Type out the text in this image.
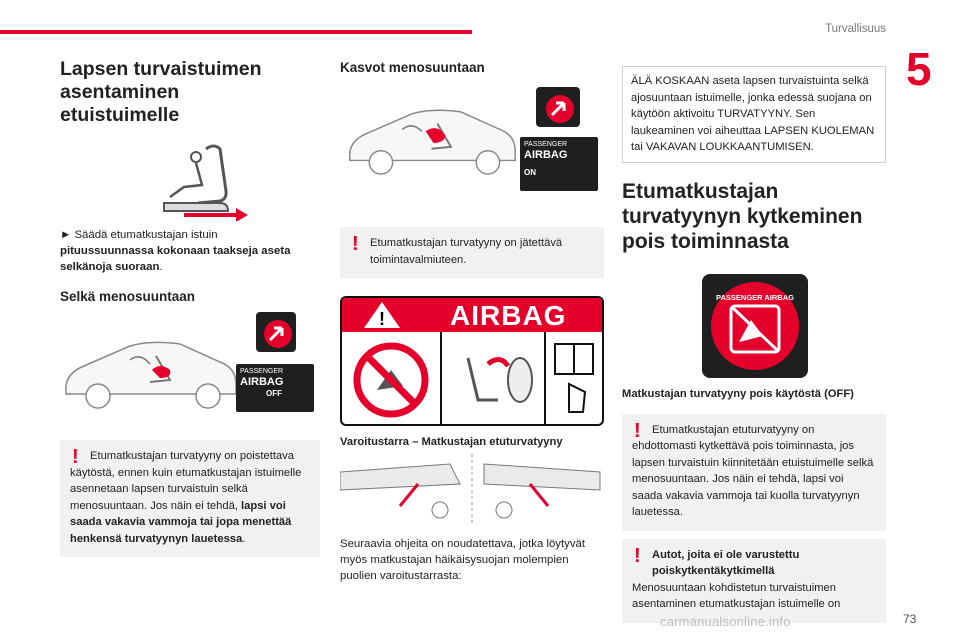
Turvallisuus
5
Lapsen turvaistuimen asentaminen etuistuimelle

► Säädä etumatkustajan istuin
pituussuunnassa kokonaan taakseja aseta selkänoja suoraan.

Selkä menosuuntaan
PASSENGER
AIRBAG
OFF
! Etumatkustajan turvatyyny on poistettava käytöstä, ennen kuin etumatkustajan istuimelle asennetaan lapsen turvaistuin selkä menosuuntaan. Jos näin ei tehdä, lapsi voi saada vakavia vammoja tai jopa menettää henkensä turvatyynyn lauetessa.
Kasvot menosuuntaan
PASSENGER
AIRBAG
ON
!	Etumatkustajan turvatyyny on jätettävä toimintavalmiuteen.
! AIRBAG

Varoitustarra – Matkustajan etuturvatyyny

Seuraavia ohjeita on noudatettava, jotka löytyvät myös matkustajan häikäisysuojan molempien puolien varoitustarrasta:

ÄLÄ KOSKAAN aseta lapsen turvaistuinta selkä ajosuuntaan istuimelle, jonka edessä suojana on käytöön aktivoitu TURVATYYNY. Sen laukeaminen voi aiheuttaa LAPSEN KUOLEMAN tai VAKAVAN LOUKKAANTUMISEN.
Etumatkustajan turvatyynyn kytkeminen pois toiminnasta
PASSENGER AIRBAG

Matkustajan turvatyyny pois käytöstä (OFF)

! Etumatkustajan etuturvatyyny on ehdottomasti kytkettävä pois toiminnasta, jos lapsen turvaistuin kiinnitetään etuistuimelle selkä menosuuntaan. Jos näin ei tehdä, lapsi voi saada vakavia vammoja tai kuolla turvatyynyn lauetessa.
!	Autot, joita ei ole varustettu poiskytkentäkytkimellä
Menosuuntaan kohdistetun turvaistuimen asentaminen etumatkustajan istuimelle on
carmanualsonline.info	73
